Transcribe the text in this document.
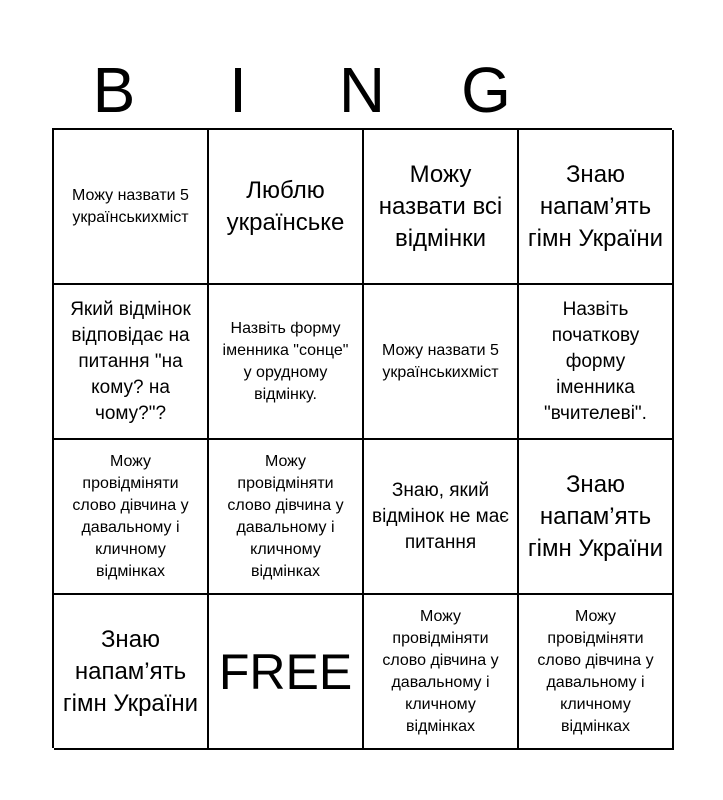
B	I	N	G
Можу назвати 5 українськихміст
Люблю українське
Можу назвати всі відмінки
Знаю напам’ять гімн України
Який відмінок відповідає на питання "на кому? на чому?"?
Назвіть форму іменника "сонце" у орудному відмінку.
Можу назвати 5 українськихміст
Назвіть початкову форму іменника "вчителеві".
Можу провідміняти слово дівчина у давальному і кличному відмінках
Можу провідміняти слово дівчина у давальному і кличному відмінках
Знаю, який відмінок не має питання
Знаю напам’ять гімн України
Знаю напам’ять гімн України
FREE
Можу провідміняти слово дівчина у давальному і кличному відмінках
Можу провідміняти слово дівчина у давальному і кличному відмінках
